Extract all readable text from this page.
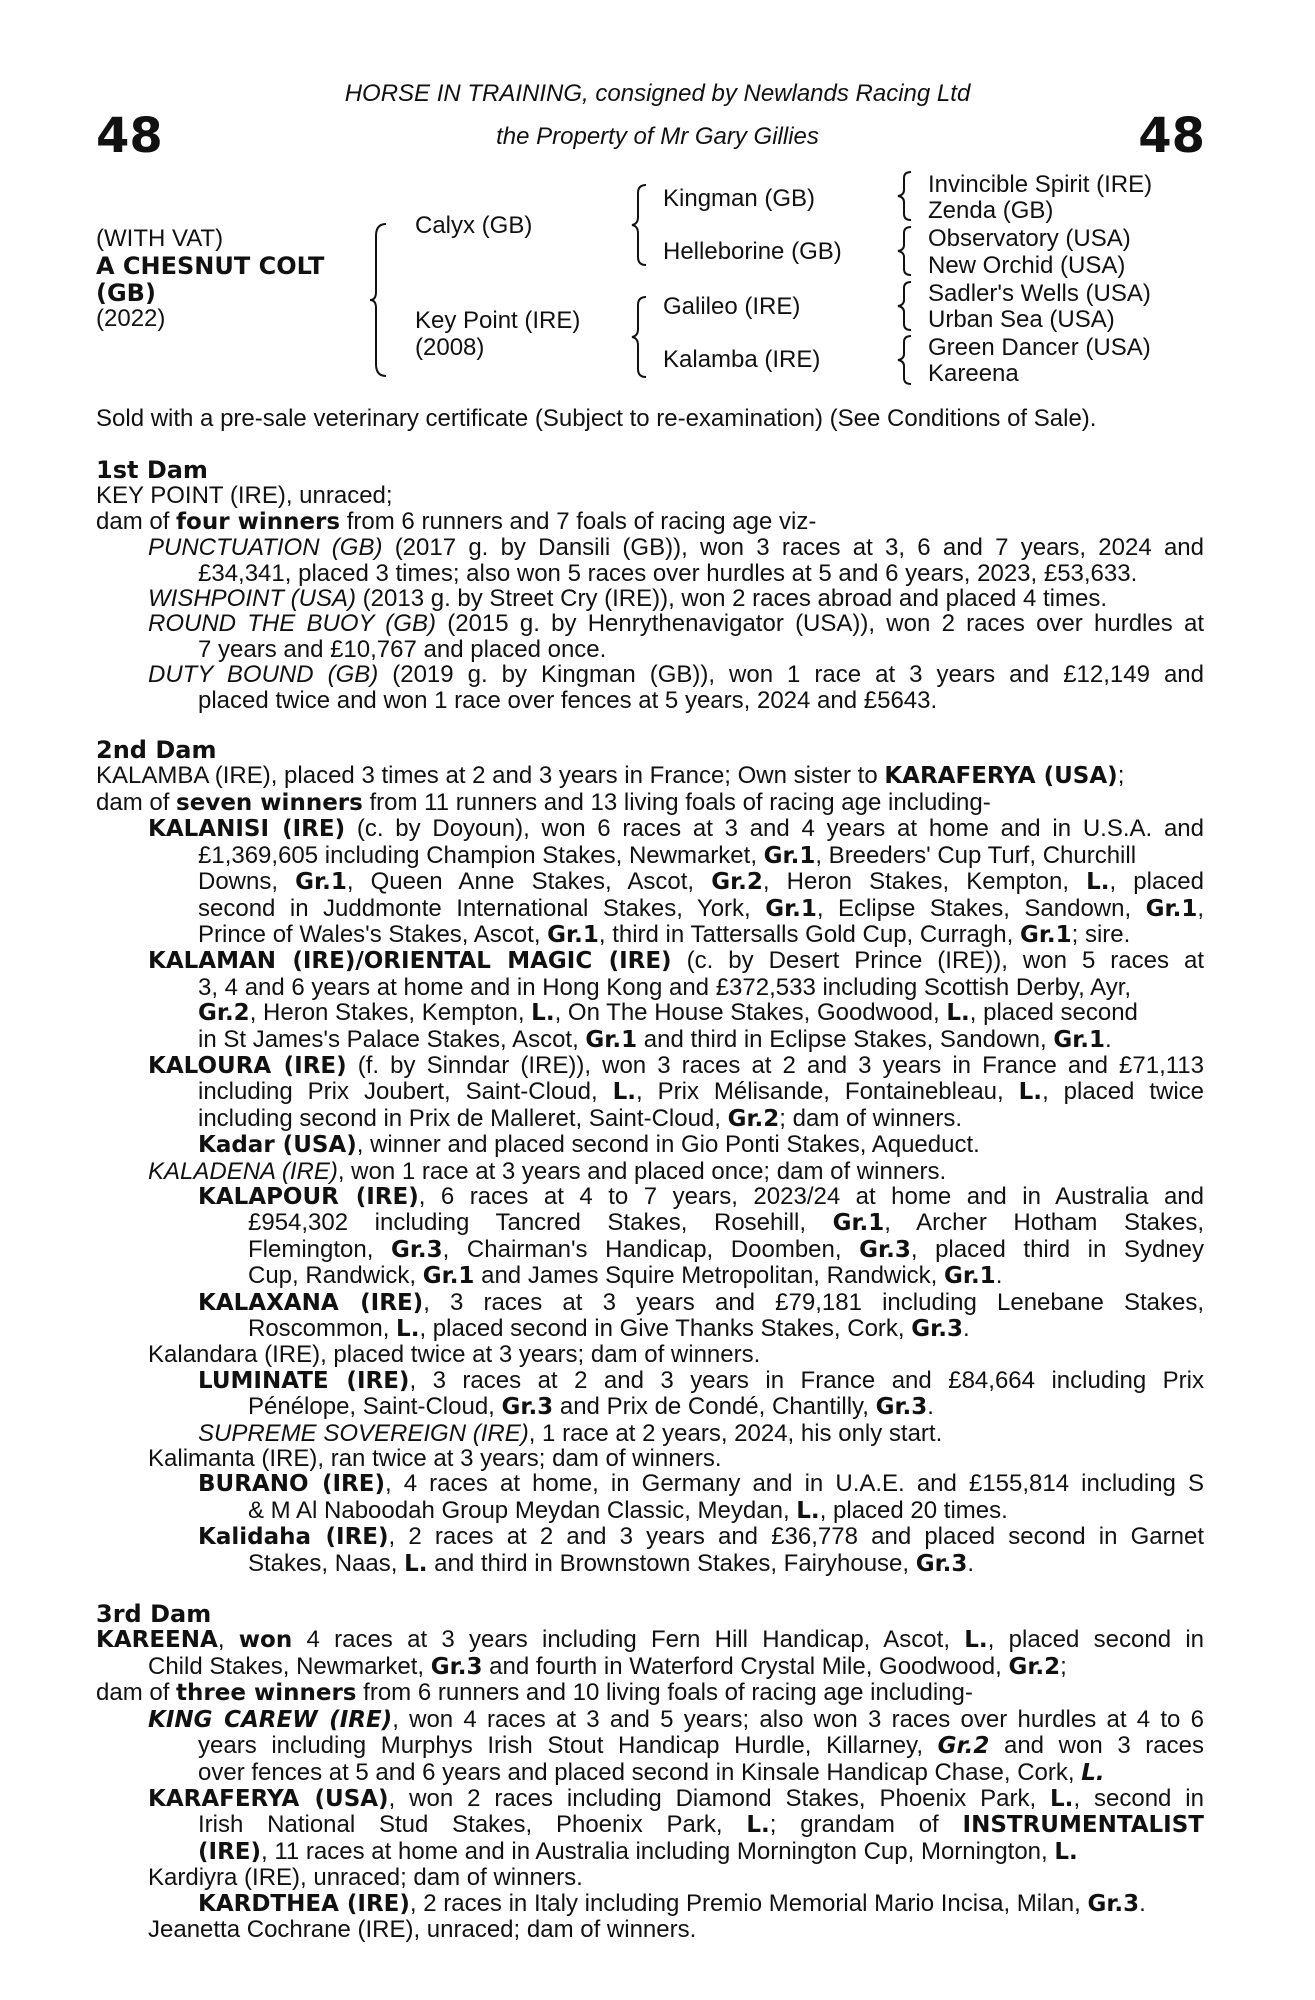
48	48
HORSE IN TRAINING, consigned by Newlands Racing Ltd
the Property of Mr Gary Gillies
(WITH VAT)
A CHESNUT COLT
(GB)
(2022)
Calyx (GB)
Key Point (IRE)
(2008)
Kingman (GB)
Helleborine (GB)
Galileo (IRE)
Kalamba (IRE)
Invincible Spirit (IRE)
Zenda (GB)
Observatory (USA)
New Orchid (USA)
Sadler's Wells (USA)
Urban Sea (USA)
Green Dancer (USA)
Kareena
Sold with a pre-sale veterinary certificate (Subject to re-examination) (See Conditions of Sale).
1st Dam
KEY POINT (IRE), unraced;
dam of four winners from 6 runners and 7 foals of racing age viz-
PUNCTUATION (GB) (2017 g. by Dansili (GB)), won 3 races at 3, 6 and 7 years, 2024 and
£34,341, placed 3 times; also won 5 races over hurdles at 5 and 6 years, 2023, £53,633.
WISHPOINT (USA) (2013 g. by Street Cry (IRE)), won 2 races abroad and placed 4 times.
ROUND THE BUOY (GB) (2015 g. by Henrythenavigator (USA)), won 2 races over hurdles at
7 years and £10,767 and placed once.
DUTY BOUND (GB) (2019 g. by Kingman (GB)), won 1 race at 3 years and £12,149 and
placed twice and won 1 race over fences at 5 years, 2024 and £5643.
2nd Dam
KALAMBA (IRE), placed 3 times at 2 and 3 years in France; Own sister to KARAFERYA (USA);
dam of seven winners from 11 runners and 13 living foals of racing age including-
KALANISI (IRE) (c. by Doyoun), won 6 races at 3 and 4 years at home and in U.S.A. and
£1,369,605 including Champion Stakes, Newmarket, Gr.1, Breeders' Cup Turf, Churchill
Downs, Gr.1, Queen Anne Stakes, Ascot, Gr.2, Heron Stakes, Kempton, L., placed
second in Juddmonte International Stakes, York, Gr.1, Eclipse Stakes, Sandown, Gr.1,
Prince of Wales's Stakes, Ascot, Gr.1, third in Tattersalls Gold Cup, Curragh, Gr.1; sire.
KALAMAN (IRE)/ORIENTAL MAGIC (IRE) (c. by Desert Prince (IRE)), won 5 races at
3, 4 and 6 years at home and in Hong Kong and £372,533 including Scottish Derby, Ayr,
Gr.2, Heron Stakes, Kempton, L., On The House Stakes, Goodwood, L., placed second
in St James's Palace Stakes, Ascot, Gr.1 and third in Eclipse Stakes, Sandown, Gr.1.
KALOURA (IRE) (f. by Sinndar (IRE)), won 3 races at 2 and 3 years in France and £71,113
including Prix Joubert, Saint-Cloud, L., Prix Mélisande, Fontainebleau, L., placed twice
including second in Prix de Malleret, Saint-Cloud, Gr.2; dam of winners.
Kadar (USA), winner and placed second in Gio Ponti Stakes, Aqueduct.
KALADENA (IRE), won 1 race at 3 years and placed once; dam of winners.
KALAPOUR (IRE), 6 races at 4 to 7 years, 2023/24 at home and in Australia and
£954,302 including Tancred Stakes, Rosehill, Gr.1, Archer Hotham Stakes,
Flemington, Gr.3, Chairman's Handicap, Doomben, Gr.3, placed third in Sydney
Cup, Randwick, Gr.1 and James Squire Metropolitan, Randwick, Gr.1.
KALAXANA (IRE), 3 races at 3 years and £79,181 including Lenebane Stakes,
Roscommon, L., placed second in Give Thanks Stakes, Cork, Gr.3.
Kalandara (IRE), placed twice at 3 years; dam of winners.
LUMINATE (IRE), 3 races at 2 and 3 years in France and £84,664 including Prix
Pénélope, Saint-Cloud, Gr.3 and Prix de Condé, Chantilly, Gr.3.
SUPREME SOVEREIGN (IRE), 1 race at 2 years, 2024, his only start.
Kalimanta (IRE), ran twice at 3 years; dam of winners.
BURANO (IRE), 4 races at home, in Germany and in U.A.E. and £155,814 including S
& M Al Naboodah Group Meydan Classic, Meydan, L., placed 20 times.
Kalidaha (IRE), 2 races at 2 and 3 years and £36,778 and placed second in Garnet
Stakes, Naas, L. and third in Brownstown Stakes, Fairyhouse, Gr.3.
3rd Dam
KAREENA, won 4 races at 3 years including Fern Hill Handicap, Ascot, L., placed second in
Child Stakes, Newmarket, Gr.3 and fourth in Waterford Crystal Mile, Goodwood, Gr.2;
dam of three winners from 6 runners and 10 living foals of racing age including-
KING CAREW (IRE), won 4 races at 3 and 5 years; also won 3 races over hurdles at 4 to 6
years including Murphys Irish Stout Handicap Hurdle, Killarney, Gr.2 and won 3 races
over fences at 5 and 6 years and placed second in Kinsale Handicap Chase, Cork, L.
KARAFERYA (USA), won 2 races including Diamond Stakes, Phoenix Park, L., second in
Irish National Stud Stakes, Phoenix Park, L.; grandam of INSTRUMENTALIST
(IRE), 11 races at home and in Australia including Mornington Cup, Mornington, L.
Kardiyra (IRE), unraced; dam of winners.
KARDTHEA (IRE), 2 races in Italy including Premio Memorial Mario Incisa, Milan, Gr.3.
Jeanetta Cochrane (IRE), unraced; dam of winners.
